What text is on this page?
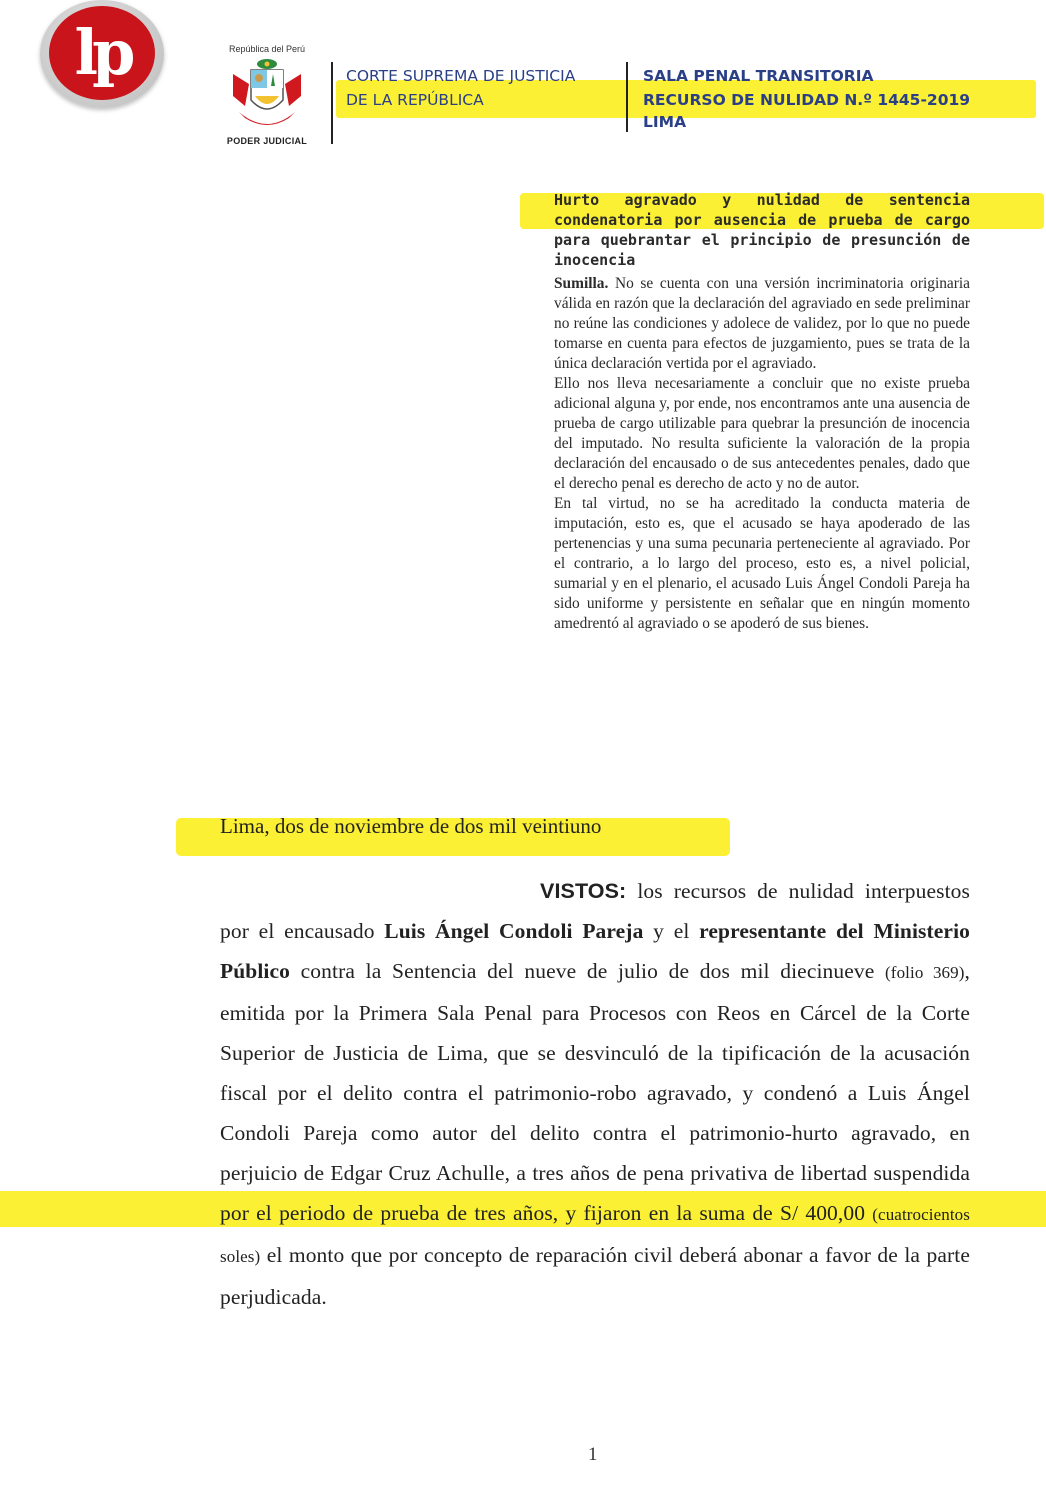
lp	República del Perú
PODER JUDICIAL
CORTE SUPREMA DE JUSTICIA
DE LA REPÚBLICA
SALA PENAL TRANSITORIA
RECURSO DE NULIDAD N.º 1445-2019
LIMA
Hurto agravado y nulidad de sentencia condenatoria por ausencia de prueba de cargo para quebrantar el principio de presunción de inocencia

Sumilla. No se cuenta con una versión incriminatoria originaria válida en razón que la declaración del agraviado en sede preliminar no reúne las condiciones y adolece de validez, por lo que no puede tomarse en cuenta para efectos de juzgamiento, pues se trata de la única declaración vertida por el agraviado.

Ello nos lleva necesariamente a concluir que no existe prueba adicional alguna y, por ende, nos encontramos ante una ausencia de prueba de cargo utilizable para quebrar la presunción de inocencia del imputado. No resulta suficiente la valoración de la propia declaración del encausado o de sus antecedentes penales, dado que el derecho penal es derecho de acto y no de autor.

En tal virtud, no se ha acreditado la conducta materia de imputación, esto es, que el acusado se haya apoderado de las pertenencias y una suma pecunaria perteneciente al agraviado. Por el contrario, a lo largo del proceso, esto es, a nivel policial, sumarial y en el plenario, el acusado Luis Ángel Condoli Pareja ha sido uniforme y persistente en señalar que en ningún momento amedrentó al agraviado o se apoderó de sus bienes.

Lima, dos de noviembre de dos mil veintiuno
VISTOS: los recursos de nulidad interpuestos por el encausado Luis Ángel Condoli Pareja y el representante del Ministerio Público contra la Sentencia del nueve de julio de dos mil diecinueve (folio 369), emitida por la Primera Sala Penal para Procesos con Reos en Cárcel de la Corte Superior de Justicia de Lima, que se desvinculó de la tipificación de la acusación fiscal por el delito contra el patrimonio-robo agravado, y condenó a Luis Ángel Condoli Pareja como autor del delito contra el patrimonio-hurto agravado, en perjuicio de Edgar Cruz Achulle, a tres años de pena privativa de libertad suspendida por el periodo de prueba de tres años, y fijaron en la suma de S/ 400,00 (cuatrocientos soles) el monto que por concepto de reparación civil deberá abonar a favor de la parte perjudicada.
1
